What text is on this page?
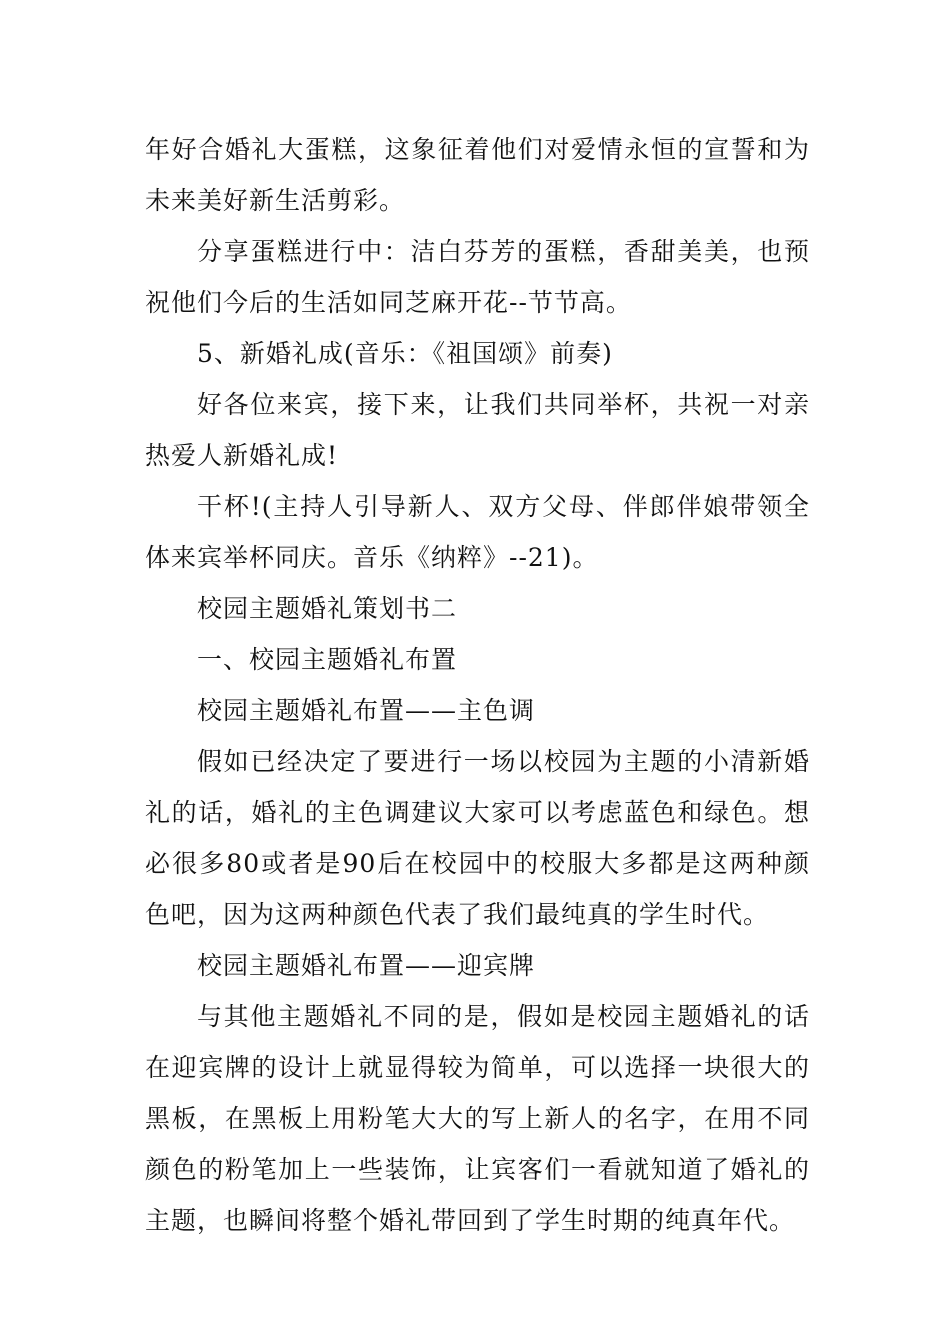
年好合婚礼大蛋糕，这象征着他们对爱情永恒的宣誓和为未来美好新生活剪彩。

分享蛋糕进行中：洁白芬芳的蛋糕，香甜美美，也预祝他们今后的生活如同芝麻开花--节节高。

5、新婚礼成(音乐：《祖国颂》前奏)

好各位来宾，接下来，让我们共同举杯，共祝一对亲热爱人新婚礼成!

干杯!(主持人引导新人、双方父母、伴郎伴娘带领全体来宾举杯同庆。音乐《纳粹》--21)。

校园主题婚礼策划书二

一、校园主题婚礼布置

校园主题婚礼布置——主色调

假如已经决定了要进行一场以校园为主题的小清新婚礼的话，婚礼的主色调建议大家可以考虑蓝色和绿色。想必很多80或者是90后在校园中的校服大多都是这两种颜色吧，因为这两种颜色代表了我们最纯真的学生时代。

校园主题婚礼布置——迎宾牌

与其他主题婚礼不同的是，假如是校园主题婚礼的话在迎宾牌的设计上就显得较为简单，可以选择一块很大的黑板，在黑板上用粉笔大大的写上新人的名字，在用不同颜色的粉笔加上一些装饰，让宾客们一看就知道了婚礼的主题，也瞬间将整个婚礼带回到了学生时期的纯真年代。
